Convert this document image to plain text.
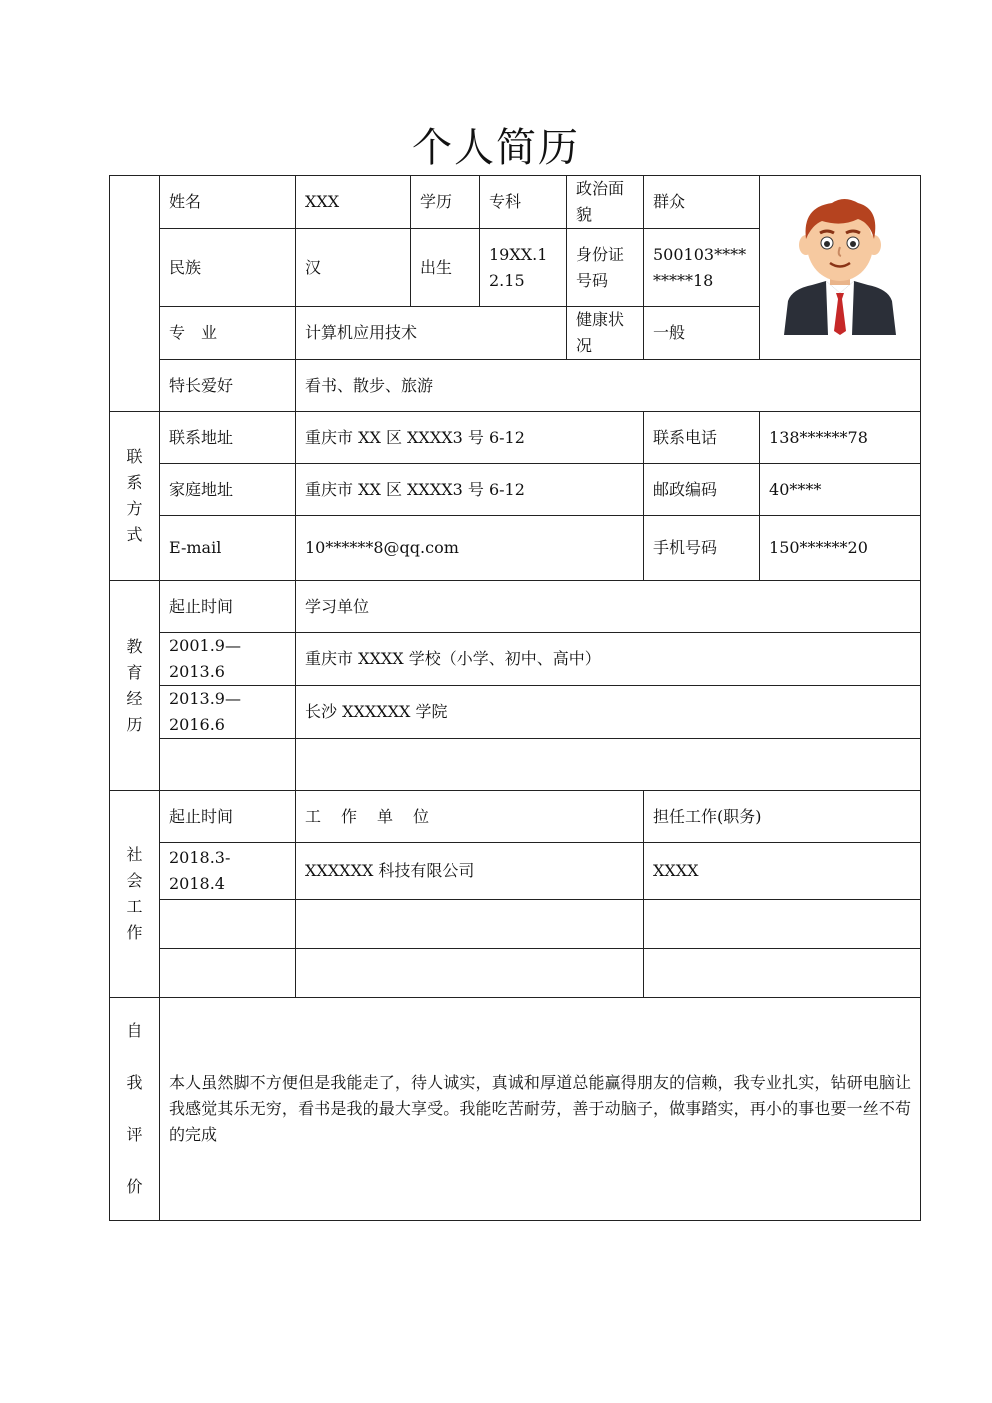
个人简历
	姓名	XXX	学历	专科	政治面貌	群众	
	民族	汉	出生	19XX.12.15	身份证号码	500103*********18	
	专　业	计算机应用技术			健康状况	一般	
	特长爱好	看书、散步、旅游					
联系方式	联系地址	重庆市 XX 区 XXXX3 号 6-12				联系电话	138******78
	家庭地址	重庆市 XX 区 XXXX3 号 6-12				邮政编码	40****
	E-mail	10******8@qq.com				手机号码	150******20
教育经历	起止时间	学习单位					
	2001.9—2013.6	重庆市 XXXX 学校（小学、初中、高中）					
	2013.9—2016.6	长沙 XXXXXX 学院					

社会工作	起止时间	工作单位				担任工作(职务)	
	2018.3-2018.4	XXXXXX 科技有限公司				XXXX	

自我评价	本人虽然脚不方便但是我能走了，待人诚实，真诚和厚道总能赢得朋友的信赖，我专业扎实，钻研电脑让我感觉其乐无穷，看书是我的最大享受。我能吃苦耐劳，善于动脑子，做事踏实，再小的事也要一丝不苟的完成						
